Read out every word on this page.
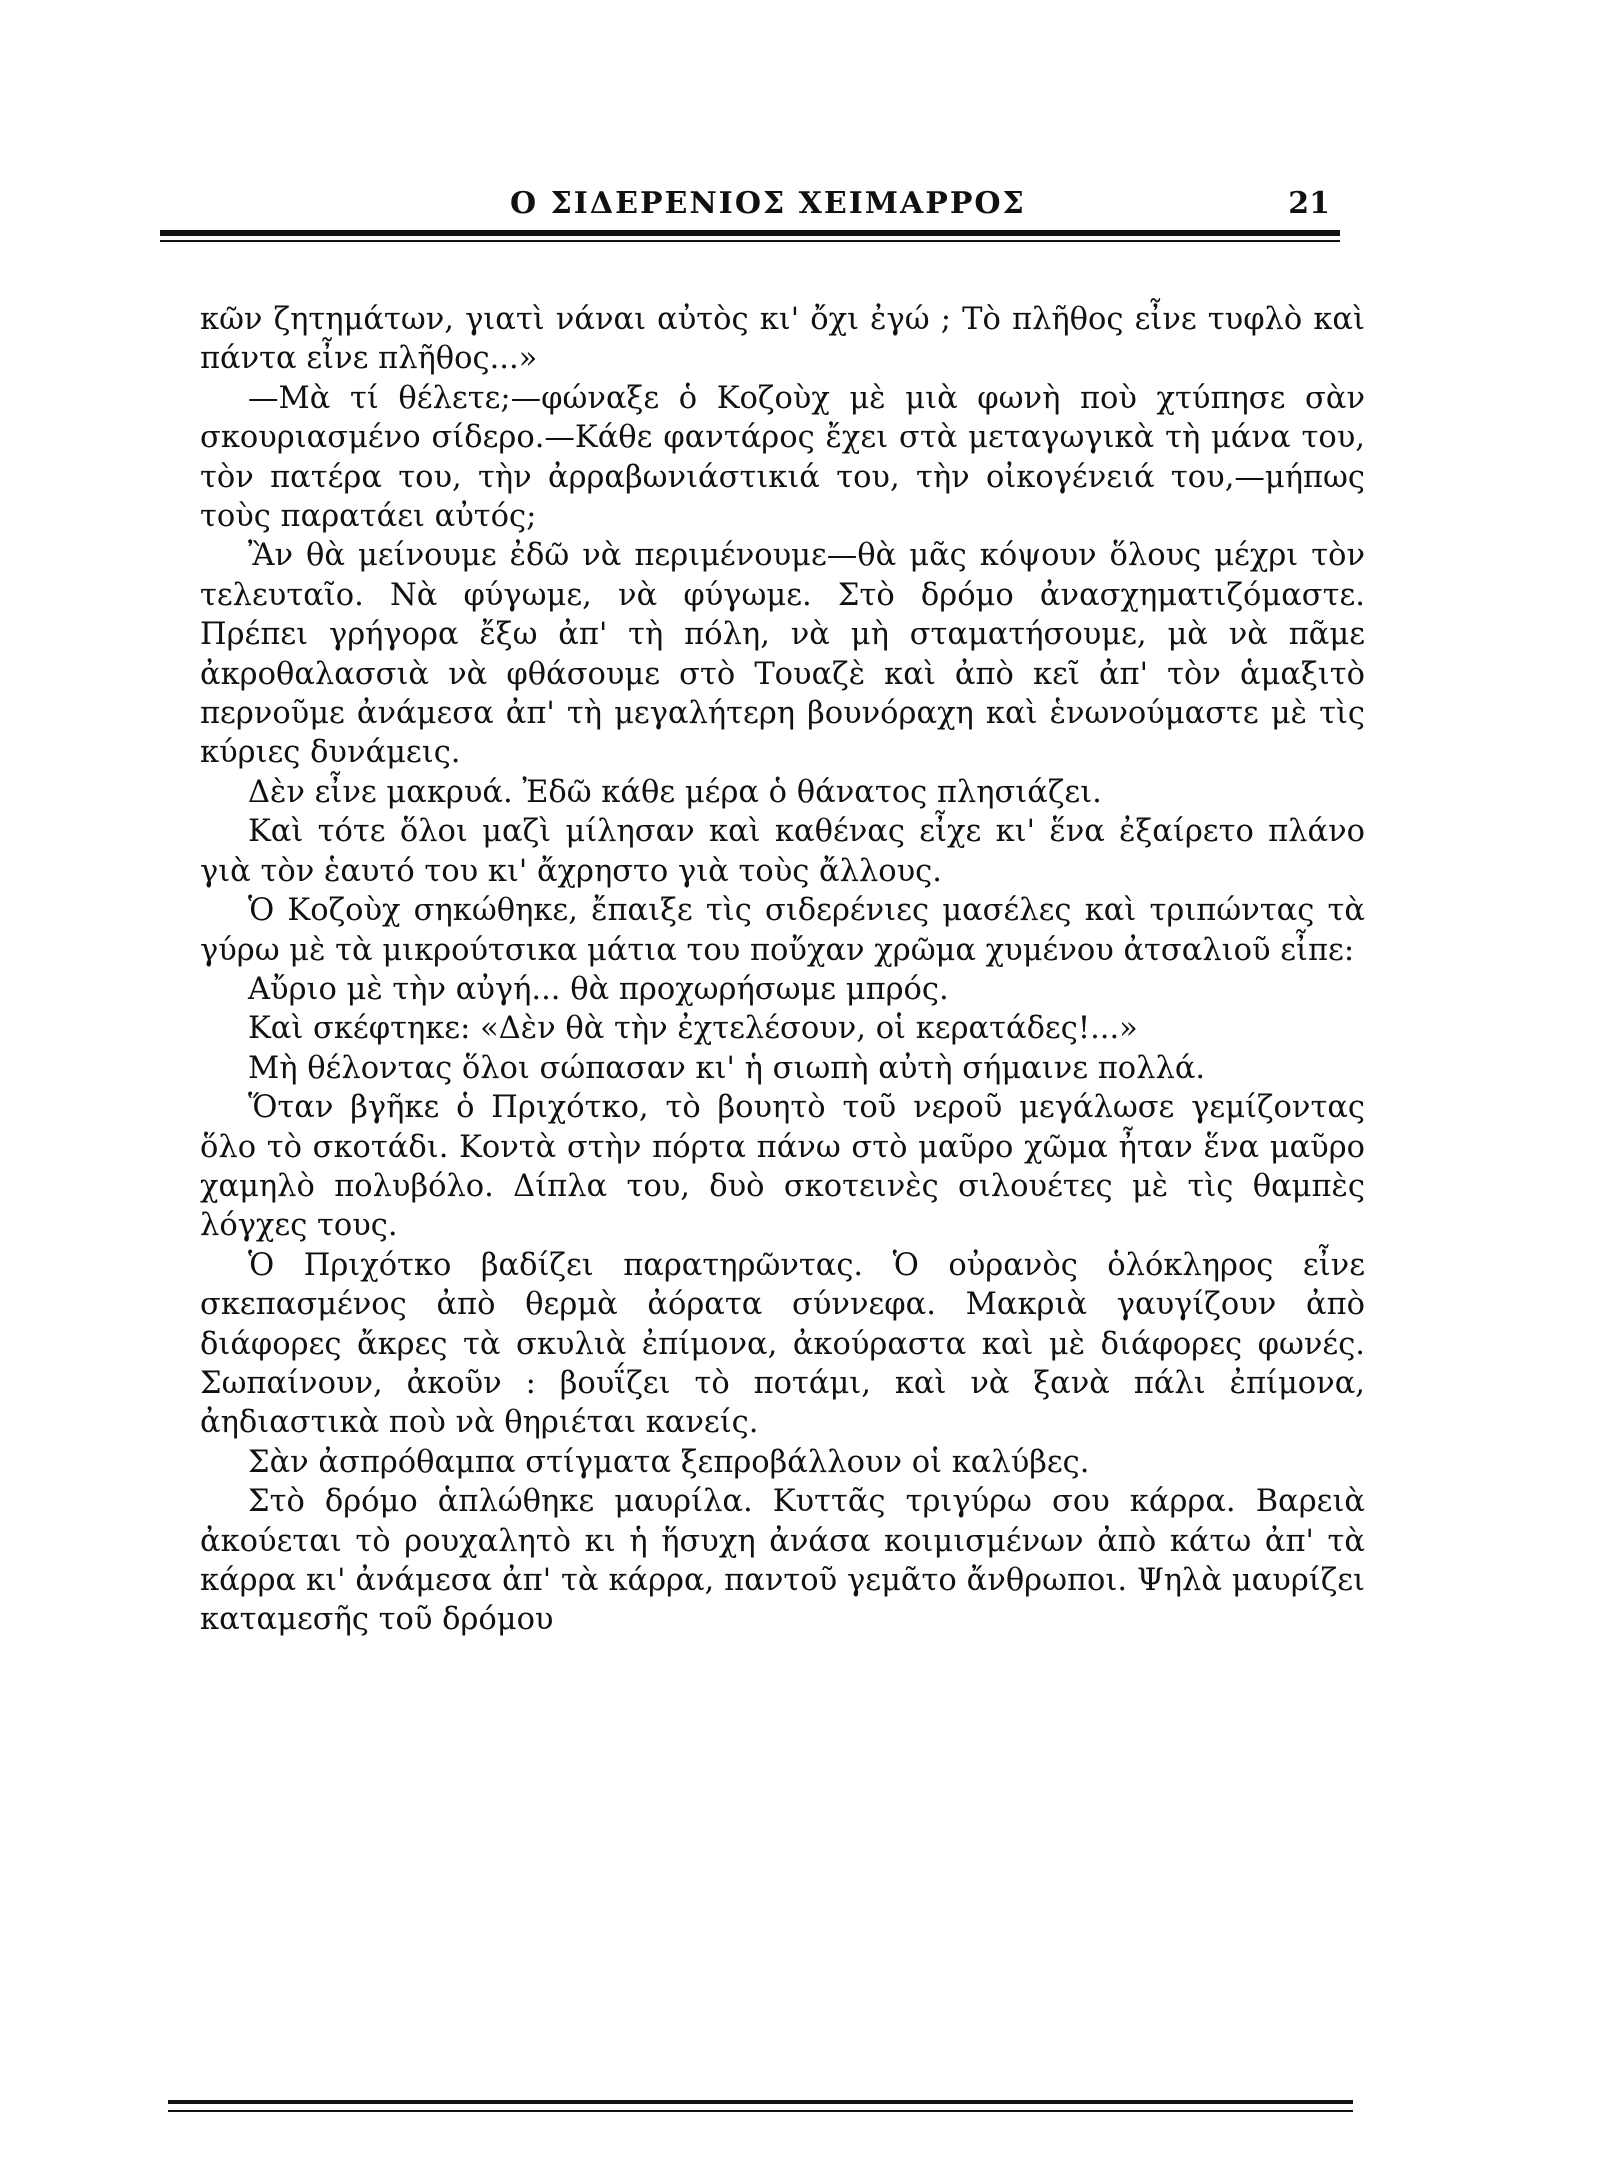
Ο ΣΙΔΕΡΕΝΙΟΣ ΧΕΙΜΑΡΡΟΣ	21

κῶν ζητημάτων, γιατὶ νάναι αὐτὸς κι' ὄχι ἐγώ ; Τὸ πλῆθος εἶνε τυφλὸ καὶ πάντα εἶνε πλῆθος...»

—Μὰ τί θέλετε;—φώναξε ὁ Κοζοὺχ μὲ μιὰ φωνὴ ποὺ χτύπησε σὰν σκουριασμένο σίδερο.—Κάθε φαντάρος ἔχει στὰ μεταγωγικὰ τὴ μάνα του, τὸν πατέρα του, τὴν ἀρραβωνιάστικιά του, τὴν οἰκογένειά του,—μήπως τοὺς παρατάει αὐτός;

Ἂν θὰ μείνουμε ἐδῶ νὰ περιμένουμε—θὰ μᾶς κόψουν ὅλους μέχρι τὸν τελευταῖο. Νὰ φύγωμε, νὰ φύγωμε. Στὸ δρόμο ἀνασχηματιζόμαστε. Πρέπει γρήγορα ἔξω ἀπ' τὴ πόλη, νὰ μὴ σταματήσουμε, μὰ νὰ πᾶμε ἀκροθαλασσιὰ νὰ φθάσουμε στὸ Τουαζὲ καὶ ἀπὸ κεῖ ἀπ' τὸν ἁμαξιτὸ περνοῦμε ἀνάμεσα ἀπ' τὴ μεγαλήτερη βουνόραχη καὶ ἑνωνούμαστε μὲ τὶς κύριες δυνάμεις.

Δὲν εἶνε μακρυά. Ἐδῶ κάθε μέρα ὁ θάνατος πλησιάζει.

Καὶ τότε ὅλοι μαζὶ μίλησαν καὶ καθένας εἶχε κι' ἕνα ἐξαίρετο πλάνο γιὰ τὸν ἑαυτό του κι' ἄχρηστο γιὰ τοὺς ἄλλους.

Ὁ Κοζοὺχ σηκώθηκε, ἔπαιξε τὶς σιδερένιες μασέλες καὶ τριπώντας τὰ γύρω μὲ τὰ μικρούτσικα μάτια του ποὔχαν χρῶμα χυμένου ἀτσαλιοῦ εἶπε:

Αὔριο μὲ τὴν αὐγή... θὰ προχωρήσωμε μπρός.

Καὶ σκέφτηκε: «Δὲν θὰ τὴν ἐχτελέσουν, οἱ κερατάδες!...»

Μὴ θέλοντας ὅλοι σώπασαν κι' ἡ σιωπὴ αὐτὴ σήμαινε πολλά.

Ὅταν βγῆκε ὁ Πριχότκο, τὸ βουητὸ τοῦ νεροῦ μεγάλωσε γεμίζοντας ὅλο τὸ σκοτάδι. Κοντὰ στὴν πόρτα πάνω στὸ μαῦρο χῶμα ἦταν ἕνα μαῦρο χαμηλὸ πολυβόλο. Δίπλα του, δυὸ σκοτεινὲς σιλουέτες μὲ τὶς θαμπὲς λόγχες τους.

Ὁ Πριχότκο βαδίζει παρατηρῶντας. Ὁ οὐρανὸς ὁλόκληρος εἶνε σκεπασμένος ἀπὸ θερμὰ ἀόρατα σύννεφα. Μακριὰ γαυγίζουν ἀπὸ διάφορες ἄκρες τὰ σκυλιὰ ἐπίμονα, ἀκούραστα καὶ μὲ διάφορες φωνές. Σωπαίνουν, ἀκοῦν : βουΐζει τὸ ποτάμι, καὶ νὰ ξανὰ πάλι ἐπίμονα, ἀηδιαστικὰ ποὺ νὰ θηριέται κανείς.

Σὰν ἀσπρόθαμπα στίγματα ξεπροβάλλουν οἱ καλύβες.

Στὸ δρόμο ἁπλώθηκε μαυρίλα. Κυττᾶς τριγύρω σου κάρρα. Βαρειὰ ἀκούεται τὸ ρουχαλητὸ κι ἡ ἥσυχη ἀνάσα κοιμισμένων ἀπὸ κάτω ἀπ' τὰ κάρρα κι' ἀνάμεσα ἀπ' τὰ κάρρα, παντοῦ γεμᾶτο ἄνθρωποι. Ψηλὰ μαυρίζει καταμεσῆς τοῦ δρόμου
